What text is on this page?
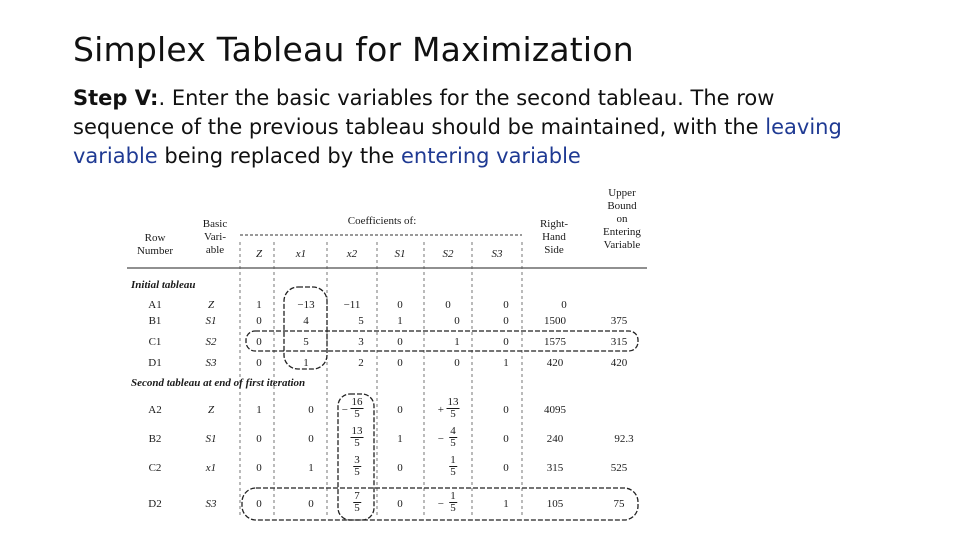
Simplex Tableau for Maximization
Step V:. Enter the basic variables for the second tableau. The row sequence of the previous tableau should be maintained, with the leaving variable being replaced by the entering variable
Row
Number
Basic
Vari-
able
Coefficients of:
Z	x1	x2	S1	S2	S3
Right-
Hand
Side
Upper
Bound
on
Entering
Variable
Initial tableau
A1	Z	1	−13	−11	0	0	0	0
B1	S1	0	4	5	1	0	0	1500	375
C1	S2	0	5	3	0	1	0	1575	315
D1	S3	0	1	2	0	0	1	420	420
Second tableau at end of first iteration
A2	Z	1	0	− $\frac{16}{5}$	0	+ $\frac{13}{5}$	0	4095
B2	S1	0	0	$\frac{13}{5}$	1	− $\frac{4}{5}$	0	240	92.3
C2	x1	0	1	$\frac{3}{5}$	0	$\frac{1}{5}$	0	315	525
D2	S3	0	0	$\frac{7}{5}$	0	− $\frac{1}{5}$	1	105	75
